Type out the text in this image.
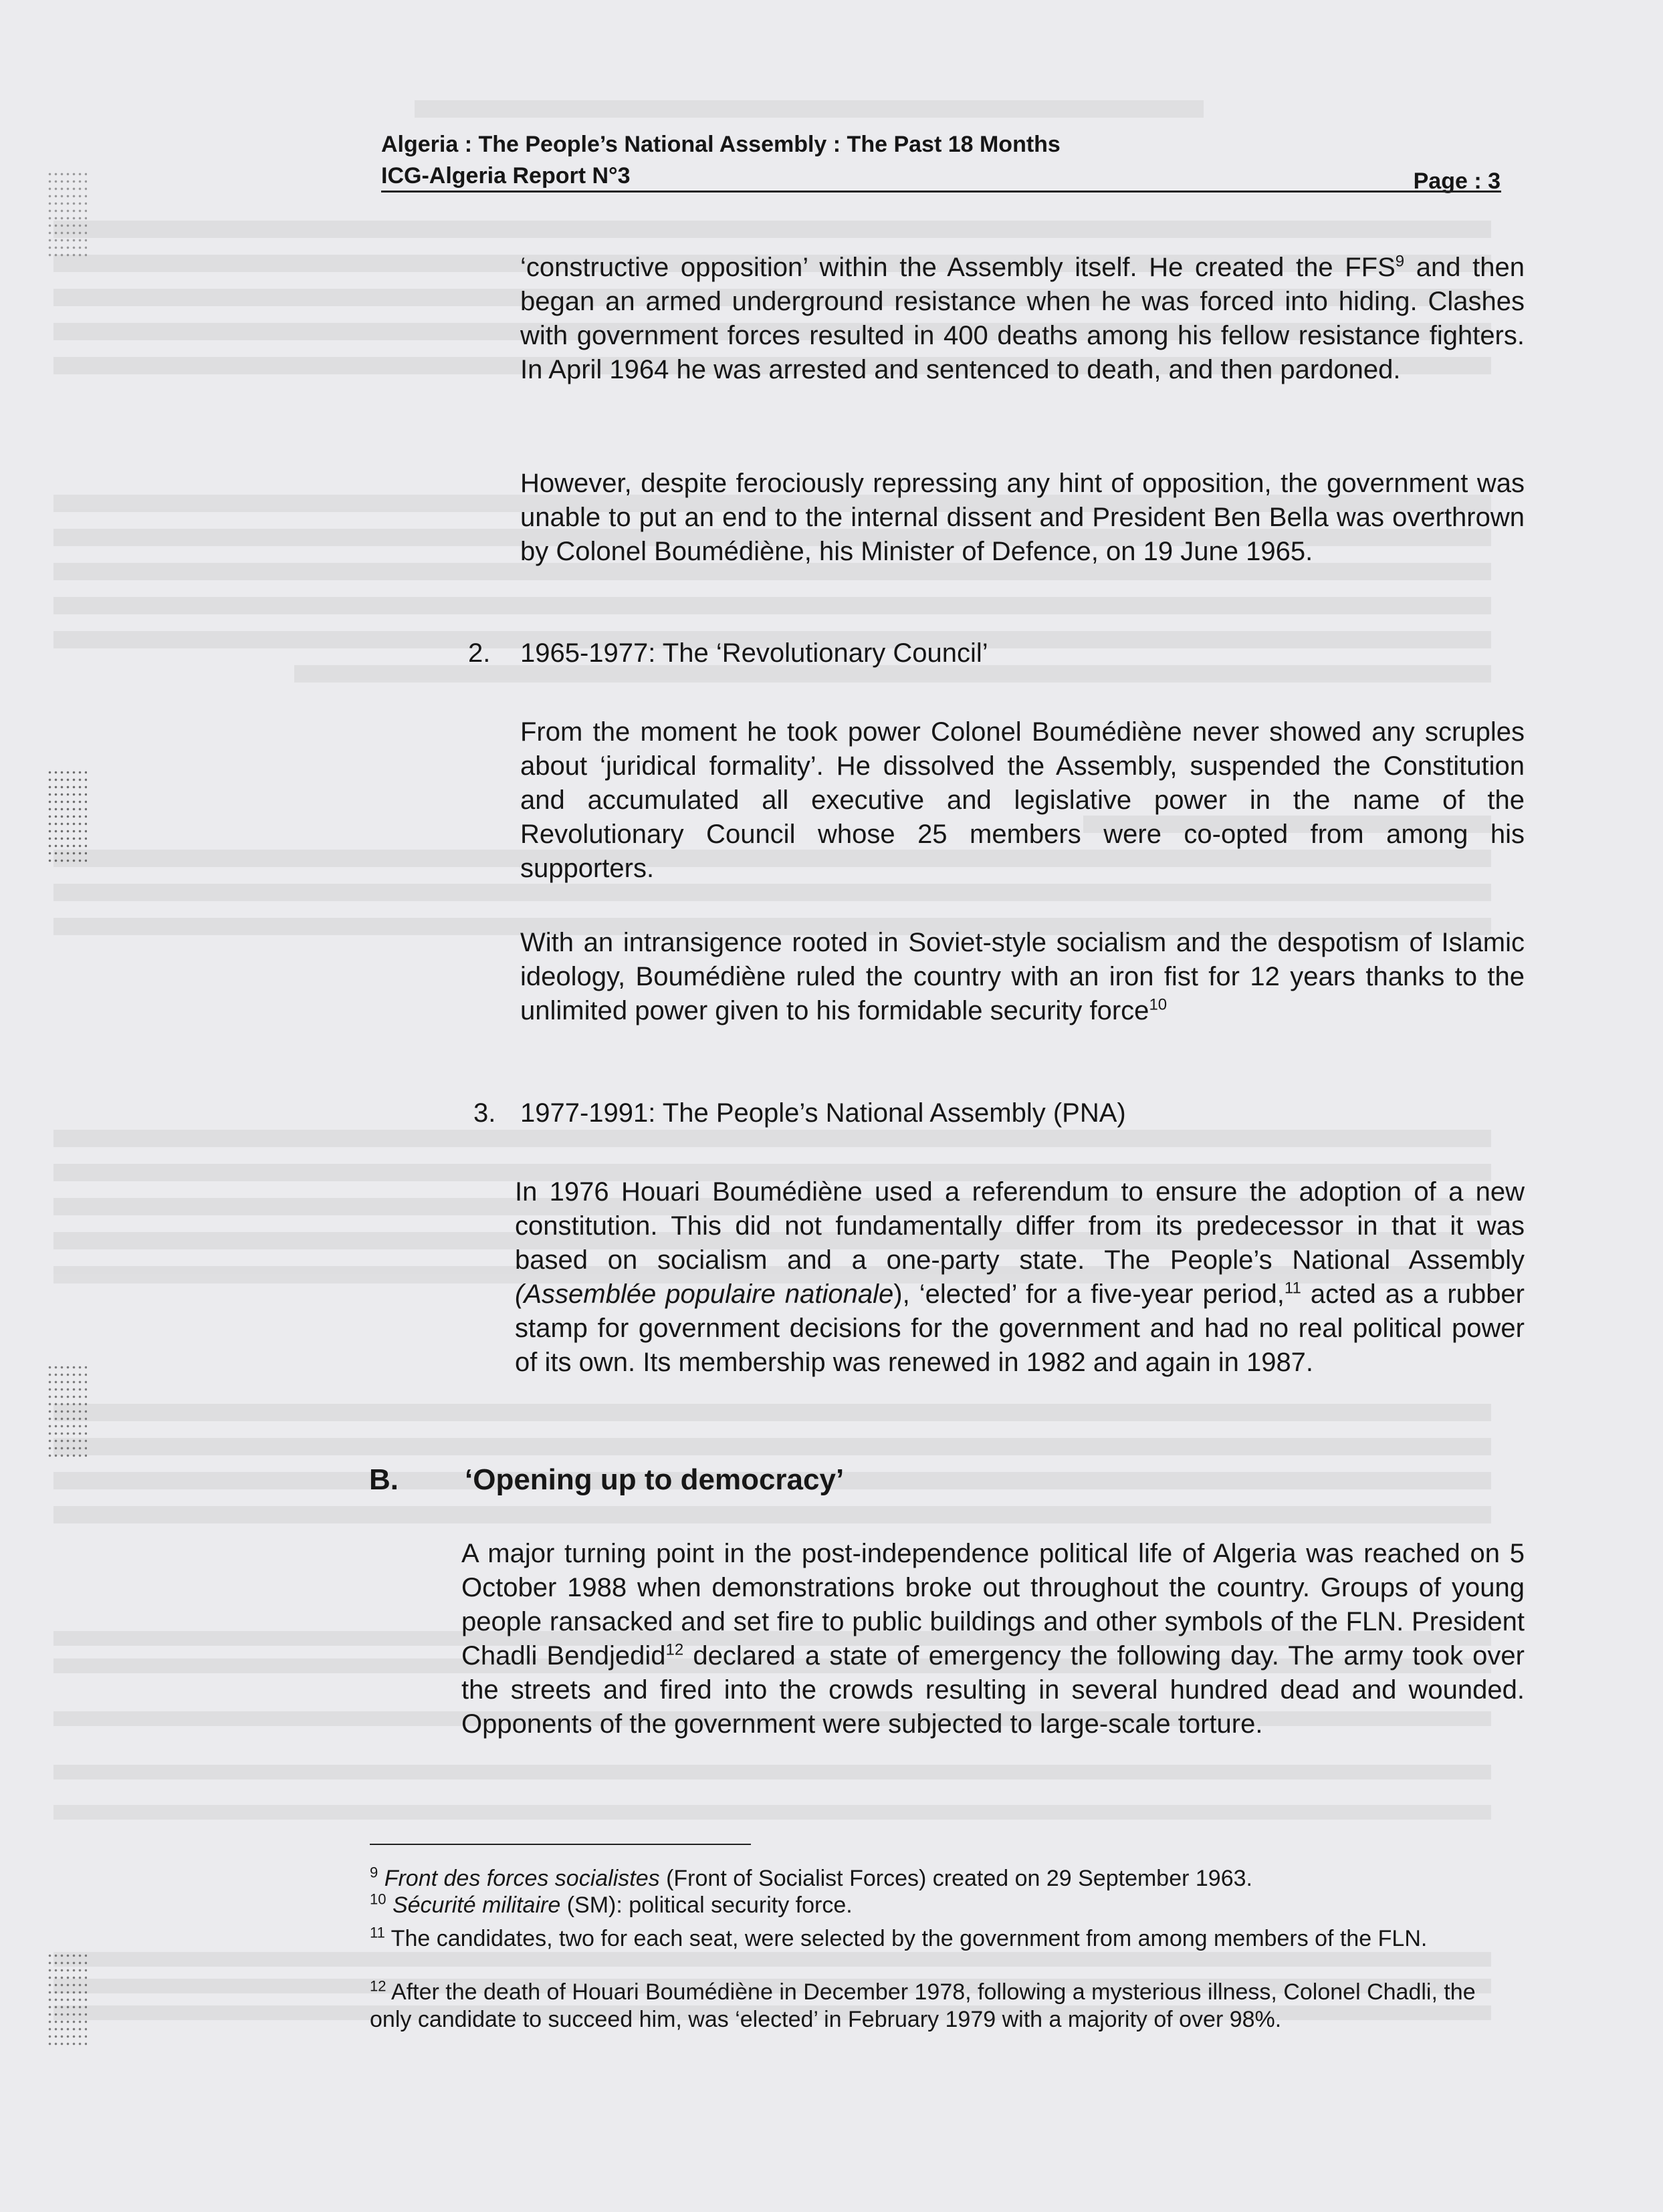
Algeria : The People’s National Assembly : The Past 18 Months
ICG-Algeria Report N°3	Page : 3

‘constructive opposition’ within the Assembly itself. He created the FFS$^9$ and then began an armed underground resistance when he was forced into hiding. Clashes with government forces resulted in 400 deaths among his fellow resistance fighters. In April 1964 he was arrested and sentenced to death, and then pardoned.

However, despite ferociously repressing any hint of opposition, the government was unable to put an end to the internal dissent and President Ben Bella was overthrown by Colonel Boumédiène, his Minister of Defence, on 19 June 1965.

2. 1965-1977: The ‘Revolutionary Council’

From the moment he took power Colonel Boumédiène never showed any scruples about ‘juridical formality’. He dissolved the Assembly, suspended the Constitution and accumulated all executive and legislative power in the name of the Revolutionary Council whose 25 members were co-opted from among his supporters.

With an intransigence rooted in Soviet-style socialism and the despotism of Islamic ideology, Boumédiène ruled the country with an iron fist for 12 years thanks to the unlimited power given to his formidable security force$^{10}$

3. 1977-1991: The People’s National Assembly (PNA)

In 1976 Houari Boumédiène used a referendum to ensure the adoption of a new constitution. This did not fundamentally differ from its predecessor in that it was based on socialism and a one-party state. The People’s National Assembly (Assemblée populaire nationale), ‘elected’ for a five-year period,$^{11}$ acted as a rubber stamp for government decisions for the government and had no real political power of its own. Its membership was renewed in 1982 and again in 1987.

B. ‘Opening up to democracy’

A major turning point in the post-independence political life of Algeria was reached on 5 October 1988 when demonstrations broke out throughout the country. Groups of young people ransacked and set fire to public buildings and other symbols of the FLN. President Chadli Bendjedid$^{12}$ declared a state of emergency the following day. The army took over the streets and fired into the crowds resulting in several hundred dead and wounded. Opponents of the government were subjected to large-scale torture.

$^9$ Front des forces socialistes (Front of Socialist Forces) created on 29 September 1963.

$^{10}$ Sécurité militaire (SM): political security force.

$^{11}$ The candidates, two for each seat, were selected by the government from among members of the FLN.

$^{12}$ After the death of Houari Boumédiène in December 1978, following a mysterious illness, Colonel Chadli, the only candidate to succeed him, was ‘elected’ in February 1979 with a majority of over 98%.
